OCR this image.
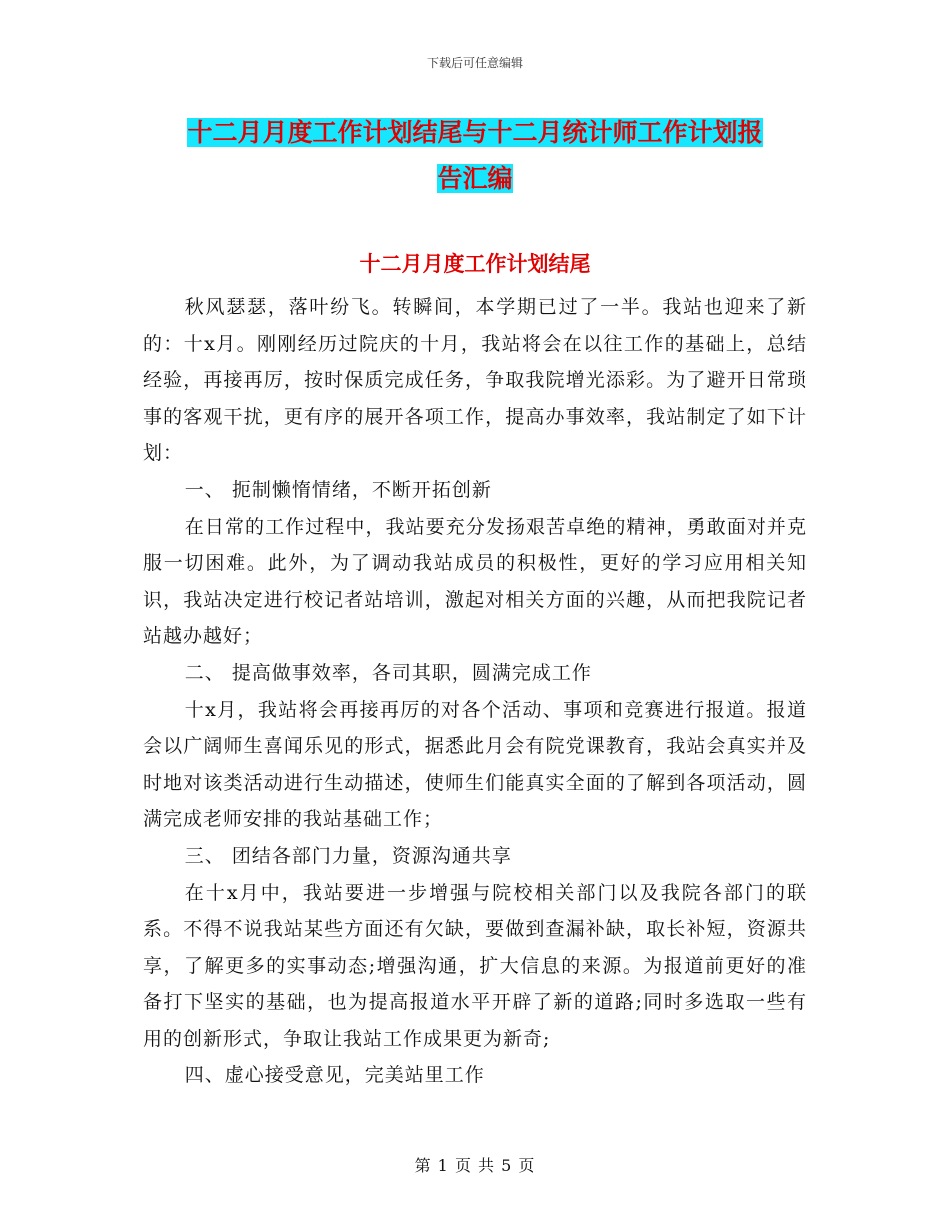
下载后可任意编辑
十二月月度工作计划结尾与十二月统计师工作计划报
告汇编
十二月月度工作计划结尾

秋风瑟瑟，落叶纷飞。转瞬间，本学期已过了一半。我站也迎来了新的：十x月。刚刚经历过院庆的十月，我站将会在以往工作的基础上，总结经验，再接再厉，按时保质完成任务，争取我院增光添彩。为了避开日常琐事的客观干扰，更有序的展开各项工作，提高办事效率，我站制定了如下计划：

一、 扼制懒惰情绪，不断开拓创新

在日常的工作过程中，我站要充分发扬艰苦卓绝的精神，勇敢面对并克服一切困难。此外，为了调动我站成员的积极性，更好的学习应用相关知识，我站决定进行校记者站培训，激起对相关方面的兴趣，从而把我院记者站越办越好；

二、 提高做事效率，各司其职，圆满完成工作

十x月，我站将会再接再厉的对各个活动、事项和竞赛进行报道。报道会以广阔师生喜闻乐见的形式，据悉此月会有院党课教育，我站会真实并及时地对该类活动进行生动描述，使师生们能真实全面的了解到各项活动，圆满完成老师安排的我站基础工作；

三、 团结各部门力量，资源沟通共享

在十x月中，我站要进一步增强与院校相关部门以及我院各部门的联系。不得不说我站某些方面还有欠缺，要做到查漏补缺，取长补短，资源共享，了解更多的实事动态;增强沟通，扩大信息的来源。为报道前更好的准备打下坚实的基础，也为提高报道水平开辟了新的道路;同时多选取一些有用的创新形式，争取让我站工作成果更为新奇;

四、虚心接受意见，完美站里工作

第 1 页 共 5 页
